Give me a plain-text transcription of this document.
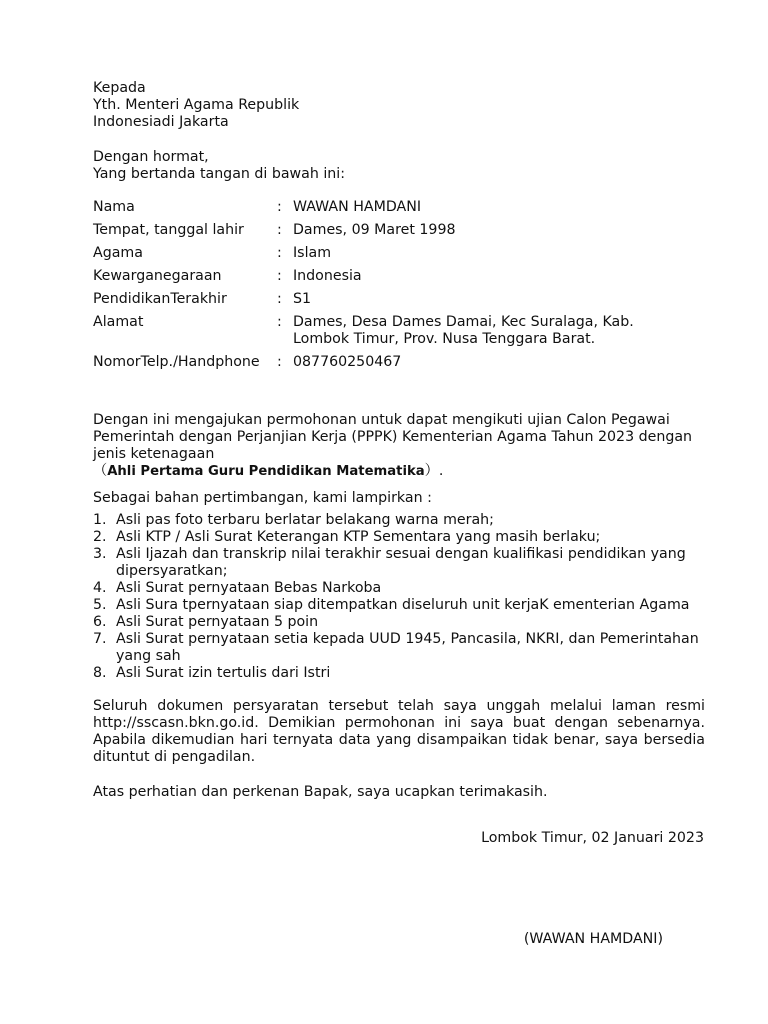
Kepada
Yth. Menteri Agama Republik
Indonesiadi Jakarta
Dengan hormat,
Yang bertanda tangan di bawah ini:
Nama	: WAWAN HAMDANI
Tempat, tanggal lahir	: Dames, 09 Maret 1998
Agama	: Islam
Kewarganegaraan	: Indonesia
PendidikanTerakhir	: S1
Alamat	: Dames, Desa Dames Damai, Kec Suralaga, Kab.
Lombok Timur, Prov. Nusa Tenggara Barat.
NomorTelp./Handphone	: 087760250467
Dengan ini mengajukan permohonan untuk dapat mengikuti ujian Calon Pegawai
Pemerintah dengan Perjanjian Kerja (PPPK) Kementerian Agama Tahun 2023 dengan
jenis ketenagaan
（Ahli Pertama Guru Pendidikan Matematika）.
Sebagai bahan pertimbangan, kami lampirkan :
1. Asli pas foto terbaru berlatar belakang warna merah;
2. Asli KTP / Asli Surat Keterangan KTP Sementara yang masih berlaku;
3. Asli Ijazah dan transkrip nilai terakhir sesuai dengan kualifikasi pendidikan yang
dipersyaratkan;
4. Asli Surat pernyataan Bebas Narkoba
5. Asli Sura tpernyataan siap ditempatkan diseluruh unit kerjaK ementerian Agama
6. Asli Surat pernyataan 5 poin
7. Asli Surat pernyataan setia kepada UUD 1945, Pancasila, NKRI, dan Pemerintahan
yang sah
8. Asli Surat izin tertulis dari Istri
Seluruh dokumen persyaratan tersebut telah saya unggah melalui laman resmi
http://sscasn.bkn.go.id. Demikian permohonan ini saya buat dengan sebenarnya.
Apabila dikemudian hari ternyata data yang disampaikan tidak benar, saya bersedia
dituntut di pengadilan.
Atas perhatian dan perkenan Bapak, saya ucapkan terimakasih.
Lombok Timur, 02 Januari 2023
(WAWAN HAMDANI)
